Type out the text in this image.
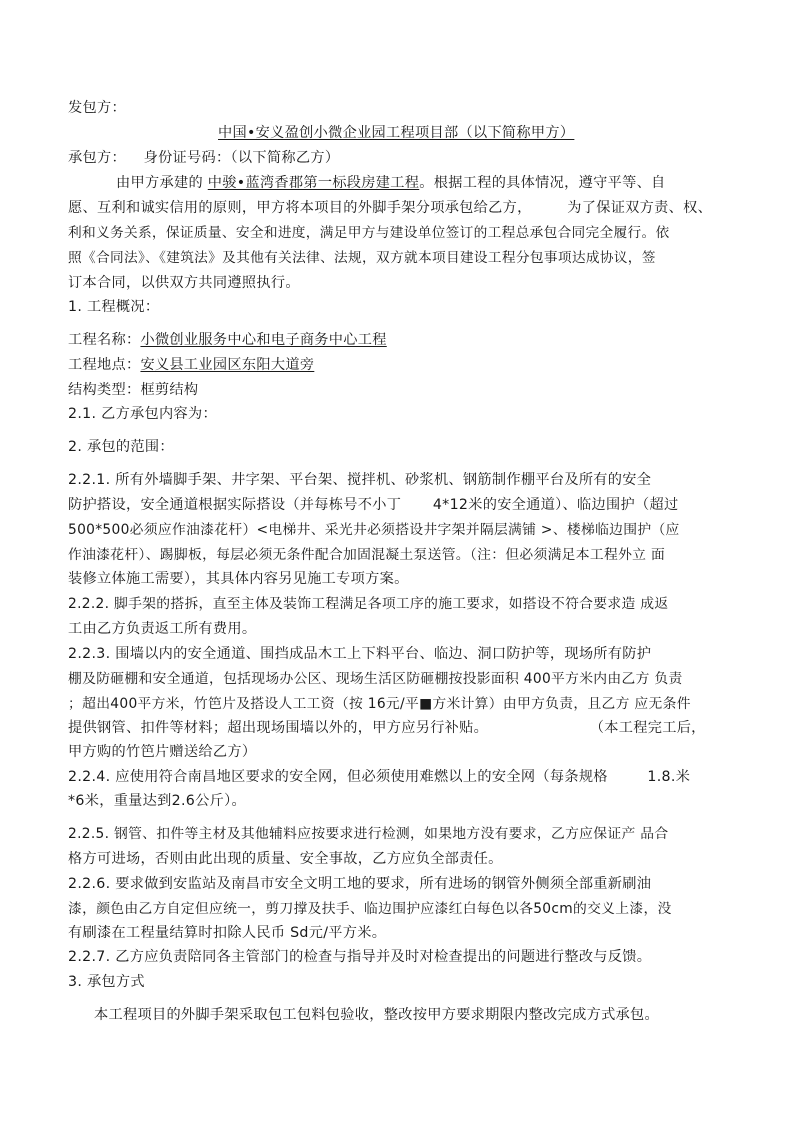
发包方：
中国•安义盈创小微企业园工程项目部（以下简称甲方）
承包方： 身份证号码：（以下简称乙方）
由甲方承建的 中骏•蓝湾香郡第一标段房建工程。根据工程的具体情况，遵守平等、自
愿、互利和诚实信用的原则，甲方将本项目的外脚手架分项承包给乙方，	为了保证双方责、权、
利和义务关系，保证质量、安全和进度，满足甲方与建设单位签订的工程总承包合同完全履行。依
照《合同法》、《建筑法》及其他有关法律、法规，双方就本项目建设工程分包事项达成协议，签
订本合同，以供双方共同遵照执行。
1. 工程概况：
工程名称：小微创业服务中心和电子商务中心工程
工程地点：安义县工业园区东阳大道旁
结构类型：框剪结构
2.1. 乙方承包内容为：
2. 承包的范围：
2.2.1. 所有外墙脚手架、井字架、平台架、搅拌机、砂浆机、钢筋制作棚平台及所有的安全
防护搭设，安全通道根据实际搭设（并每栋号不小丁 4*12米的安全通道）、临边围护（超过
500*500必须应作油漆花杆）<电梯井、采光井必须搭设井字架并隔层满铺 >、楼梯临边围护（应
作油漆花杆）、踢脚板，每层必须无条件配合加固混凝土泵送管。（注：但必须满足本工程外立 面
装修立体施工需要），其具体内容另见施工专项方案。
2.2.2. 脚手架的搭拆，直至主体及装饰工程满足各项工序的施工要求，如搭设不符合要求造 成返
工由乙方负责返工所有费用。
2.2.3. 围墙以内的安全通道、围挡成品木工上下料平台、临边、洞口防护等，现场所有防护
棚及防砸棚和安全通道，包括现场办公区、现场生活区防砸棚按投影面积 400平方米内由乙方 负责
；超出400平方米，竹笆片及搭设人工工资（按 16元/平■方米计算）由甲方负责，且乙方 应无条件
提供钢管、扣件等材料；超出现场围墙以外的，甲方应另行补贴。	（本工程完工后，
甲方购的竹笆片赠送给乙方）
2.2.4. 应使用符合南昌地区要求的安全网，但必须使用难燃以上的安全网（每条规格	1.8.米
*6米，重量达到2.6公斤）。
2.2.5. 钢管、扣件等主材及其他辅料应按要求进行检测，如果地方没有要求，乙方应保证产 品合
格方可进场，否则由此出现的质量、安全事故，乙方应负全部责任。
2.2.6. 要求做到安监站及南昌市安全文明工地的要求，所有进场的钢管外侧须全部重新刷油
漆，颜色由乙方自定但应统一，剪刀撑及扶手、临边围护应漆红白每色以各50cm的交义上漆，没
有刷漆在工程量结算时扣除人民币 Sd元/平方米。
2.2.7. 乙方应负责陪同各主管部门的检查与指导并及时对检查提出的问题进行整改与反馈。
3. 承包方式
本工程项目的外脚手架采取包工包料包验收，整改按甲方要求期限内整改完成方式承包。
